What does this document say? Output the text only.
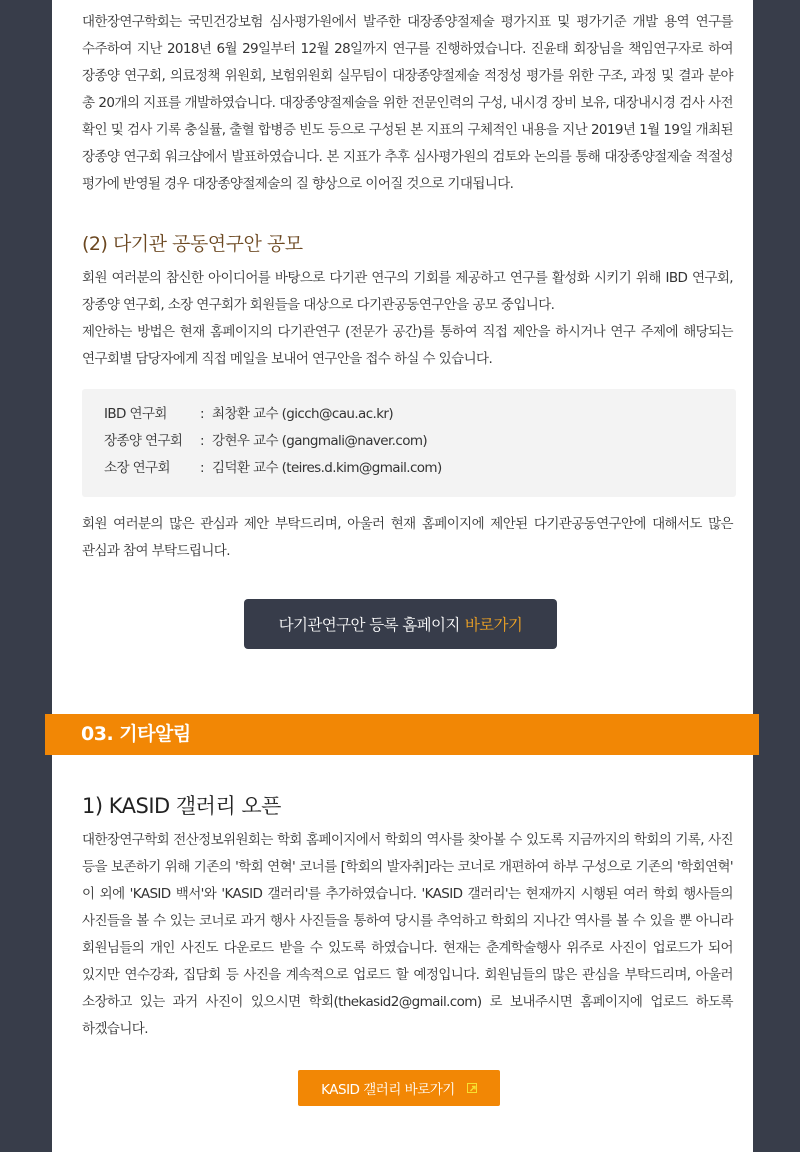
대한장연구학회는 국민건강보험 심사평가원에서 발주한 대장종양절제술 평가지표 및 평가기준 개발 용역 연구를 수주하여 지난 2018년 6월 29일부터 12월 28일까지 연구를 진행하였습니다. 진윤태 회장님을 책임연구자로 하여 장종양 연구회, 의료정책 위원회, 보험위원회 실무팀이 대장종양절제술 적정성 평가를 위한 구조, 과정 및 결과 분야 총 20개의 지표를 개발하였습니다. 대장종양절제술을 위한 전문인력의 구성, 내시경 장비 보유, 대장내시경 검사 사전 확인 및 검사 기록 충실률, 출혈 합병증 빈도 등으로 구성된 본 지표의 구체적인 내용을 지난 2019년 1월 19일 개최된 장종양 연구회 워크샵에서 발표하였습니다. 본 지표가 추후 심사평가원의 검토와 논의를 통해 대장종양절제술 적절성 평가에 반영될 경우 대장종양절제술의 질 향상으로 이어질 것으로 기대됩니다.

(2) 다기관 공동연구안 공모

회원 여러분의 참신한 아이디어를 바탕으로 다기관 연구의 기회를 제공하고 연구를 활성화 시키기 위해 IBD 연구회, 장종양 연구회, 소장 연구회가 회원들을 대상으로 다기관공동연구안을 공모 중입니다.

제안하는 방법은 현재 홈페이지의 다기관연구 (전문가 공간)를 통하여 직접 제안을 하시거나 연구 주제에 해당되는 연구회별 담당자에게 직접 메일을 보내어 연구안을 접수 하실 수 있습니다.

IBD 연구회 : 최창환 교수 (gicch@cau.ac.kr)
장종양 연구회 : 강현우 교수 (gangmali@naver.com)
소장 연구회 : 김덕환 교수 (teires.d.kim@gmail.com)

회원 여러분의 많은 관심과 제안 부탁드리며, 아울러 현재 홈페이지에 제안된 다기관공동연구안에 대해서도 많은 관심과 참여 부탁드립니다.

다기관연구안 등록 홈페이지 바로가기
1) KASID 갤러리 오픈

대한장연구학회 전산정보위원회는 학회 홈페이지에서 학회의 역사를 찾아볼 수 있도록 지금까지의 학회의 기록, 사진 등을 보존하기 위해 기존의 '학회 연혁' 코너를 [학회의 발자취]라는 코너로 개편하여 하부 구성으로 기존의 '학회연혁' 이 외에 'KASID 백서'와 'KASID 갤러리'를 추가하였습니다. 'KASID 갤러리'는 현재까지 시행된 여러 학회 행사들의 사진들을 볼 수 있는 코너로 과거 행사 사진들을 통하여 당시를 추억하고 학회의 지나간 역사를 볼 수 있을 뿐 아니라 회원님들의 개인 사진도 다운로드 받을 수 있도록 하였습니다. 현재는 춘계학술행사 위주로 사진이 업로드가 되어 있지만 연수강좌, 집담회 등 사진을 계속적으로 업로드 할 예정입니다. 회원님들의 많은 관심을 부탁드리며, 아울러 소장하고 있는 과거 사진이 있으시면 학회(thekasid2@gmail.com) 로 보내주시면 홈페이지에 업로드 하도록 하겠습니다.

KASID 갤러리 바로가기
03. 기타알림
